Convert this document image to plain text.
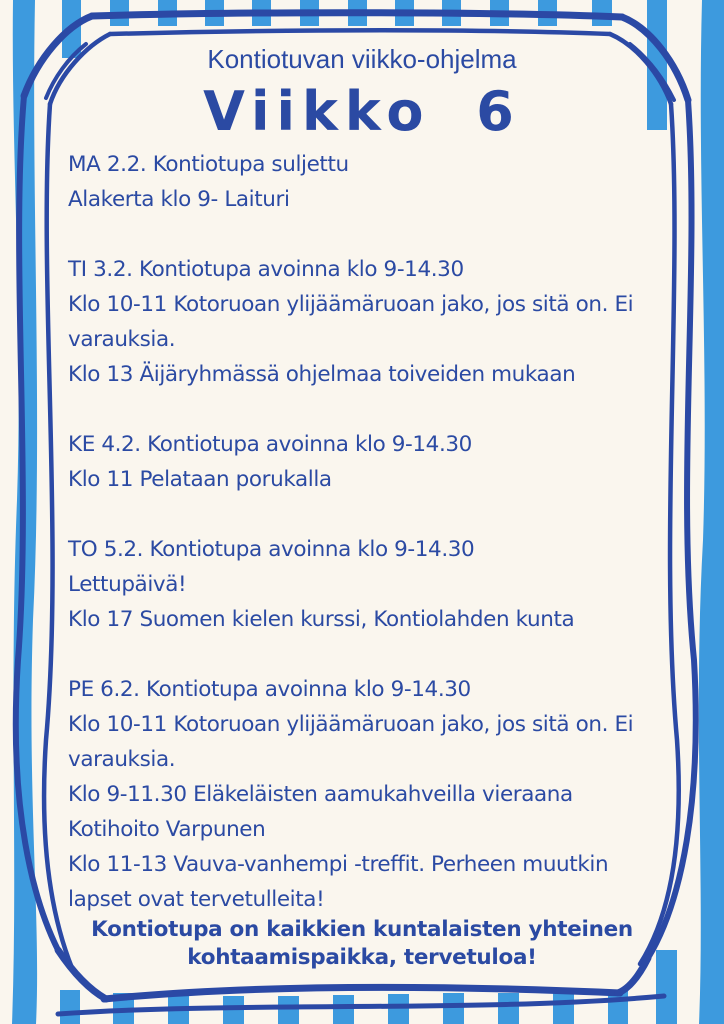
Kontiotuvan viikko-ohjelma
Viikko 6

MA 2.2. Kontiotupa suljettu

Alakerta klo 9- Laituri

TI 3.2. Kontiotupa avoinna klo 9-14.30

Klo 10-11 Kotoruoan ylijäämäruoan jako, jos sitä on. Ei varauksia.

Klo 13 Äijäryhmässä ohjelmaa toiveiden mukaan

KE 4.2. Kontiotupa avoinna klo 9-14.30

Klo 11 Pelataan porukalla

TO 5.2. Kontiotupa avoinna klo 9-14.30

Lettupäivä!

Klo 17 Suomen kielen kurssi, Kontiolahden kunta

PE 6.2. Kontiotupa avoinna klo 9-14.30

Klo 10-11 Kotoruoan ylijäämäruoan jako, jos sitä on. Ei varauksia.

Klo 9-11.30 Eläkeläisten aamukahveilla vieraana Kotihoito Varpunen

Klo 11-13 Vauva-vanhempi -treffit. Perheen muutkin lapset ovat tervetulleita!

Kontiotupa on kaikkien kuntalaisten yhteinen
kohtaamispaikka, tervetuloa!
